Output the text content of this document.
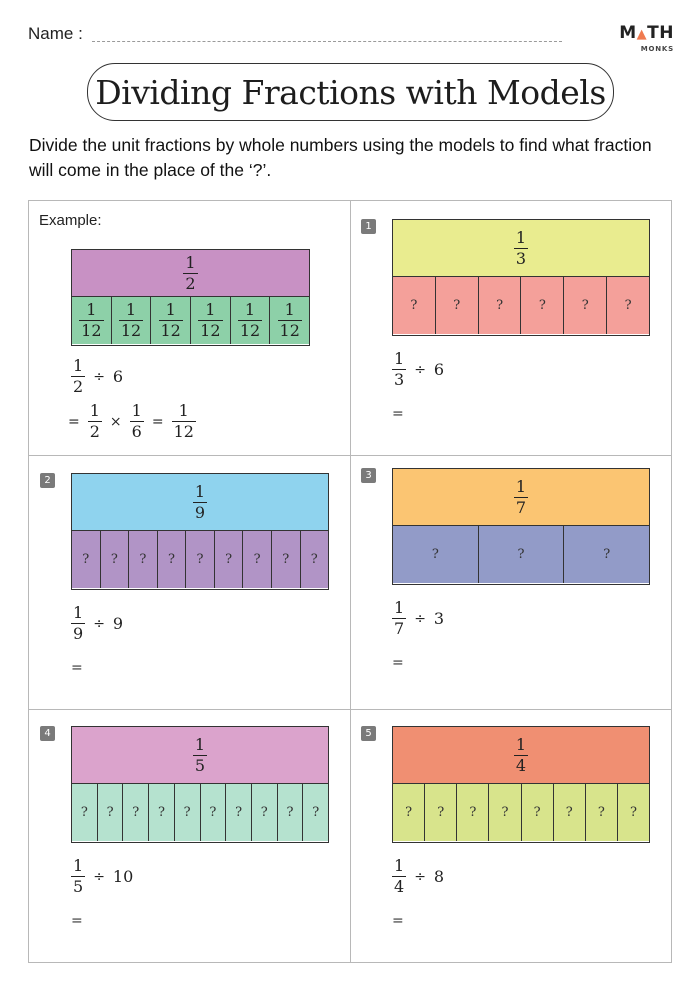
Name :	M▲TH
MONKS
Dividing Fractions with Models
Divide the unit fractions by whole numbers using the models to find what fraction will come in the place of the ‘?’.
Example:
$\frac{1}{2}$
$\frac{1}{12} \frac{1}{12} \frac{1}{12} \frac{1}{12} \frac{1}{12} \frac{1}{12}$
$\frac{1}{2} \div 6$
= $\frac{1}{2} \times \frac{1}{6} = \frac{1}{12}$
1
$\frac{1}{3}$
?	?	?	?	?	?
$\frac{1}{3} \div 6$
=
2
$\frac{1}{9}$
?	?	?	?	?	?	?	?	?
$\frac{1}{9} \div 9$
=
3
$\frac{1}{7}$
?	?	?
$\frac{1}{7} \div 3$
=
4
$\frac{1}{5}$
?	?	?	?	?	?	?	?	?	?
$\frac{1}{5} \div 10$
=
5
$\frac{1}{4}$
?	?	?	?	?	?	?	?
$\frac{1}{4} \div 8$
=
